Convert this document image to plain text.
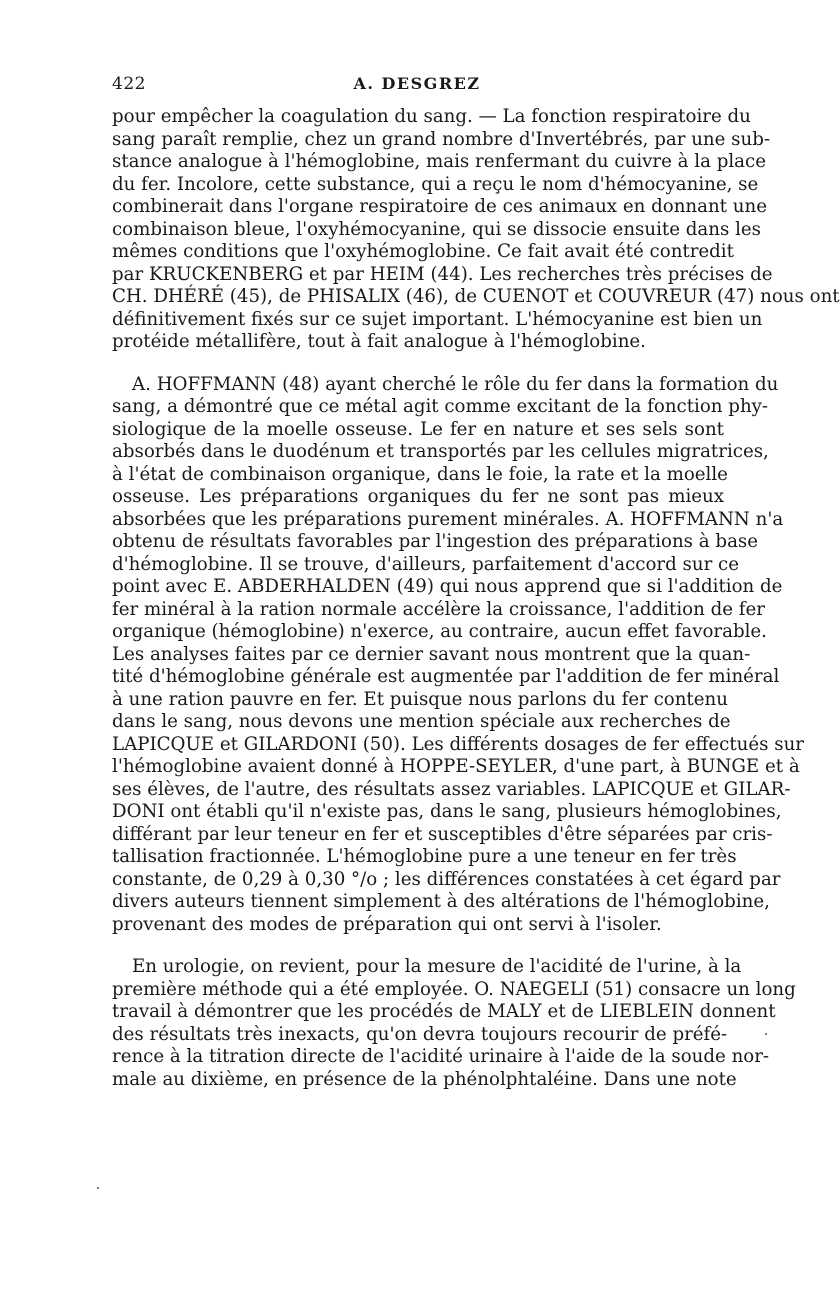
422	A. DESGREZ
pour empêcher la coagulation du sang. — La fonction respiratoire du
sang paraît remplie, chez un grand nombre d'Invertébrés, par une sub-
stance analogue à l'hémoglobine, mais renfermant du cuivre à la place
du fer. Incolore, cette substance, qui a reçu le nom d'hémocyanine, se
combinerait dans l'organe respiratoire de ces animaux en donnant une
combinaison bleue, l'oxyhémocyanine, qui se dissocie ensuite dans les
mêmes conditions que l'oxyhémoglobine. Ce fait avait été contredit
par KRUCKENBERG et par HEIM (44). Les recherches très précises de
CH. DHÉRÉ (45), de PHISALIX (46), de CUENOT et COUVREUR (47) nous ont
définitivement fixés sur ce sujet important. L'hémocyanine est bien un
protéide métallifère, tout à fait analogue à l'hémoglobine.
A. HOFFMANN (48) ayant cherché le rôle du fer dans la formation du
sang, a démontré que ce métal agit comme excitant de la fonction phy-
siologique de la moelle osseuse. Le fer en nature et ses sels sont
absorbés dans le duodénum et transportés par les cellules migratrices,
à l'état de combinaison organique, dans le foie, la rate et la moelle
osseuse. Les préparations organiques du fer ne sont pas mieux
absorbées que les préparations purement minérales. A. HOFFMANN n'a
obtenu de résultats favorables par l'ingestion des préparations à base
d'hémoglobine. Il se trouve, d'ailleurs, parfaitement d'accord sur ce
point avec E. ABDERHALDEN (49) qui nous apprend que si l'addition de
fer minéral à la ration normale accélère la croissance, l'addition de fer
organique (hémoglobine) n'exerce, au contraire, aucun effet favorable.
Les analyses faites par ce dernier savant nous montrent que la quan-
tité d'hémoglobine générale est augmentée par l'addition de fer minéral
à une ration pauvre en fer. Et puisque nous parlons du fer contenu
dans le sang, nous devons une mention spéciale aux recherches de
LAPICQUE et GILARDONI (50). Les différents dosages de fer effectués sur
l'hémoglobine avaient donné à HOPPE-SEYLER, d'une part, à BUNGE et à
ses élèves, de l'autre, des résultats assez variables. LAPICQUE et GILAR-
DONI ont établi qu'il n'existe pas, dans le sang, plusieurs hémoglobines,
différant par leur teneur en fer et susceptibles d'être séparées par cris-
tallisation fractionnée. L'hémoglobine pure a une teneur en fer très
constante, de 0,29 à 0,30 °/o ; les différences constatées à cet égard par
divers auteurs tiennent simplement à des altérations de l'hémoglobine,
provenant des modes de préparation qui ont servi à l'isoler.
En urologie, on revient, pour la mesure de l'acidité de l'urine, à la
première méthode qui a été employée. O. NAEGELI (51) consacre un long
travail à démontrer que les procédés de MALY et de LIEBLEIN donnent
des résultats très inexacts, qu'on devra toujours recourir de préfé-
rence à la titration directe de l'acidité urinaire à l'aide de la soude nor-
male au dixième, en présence de la phénolphtaléine. Dans une note
